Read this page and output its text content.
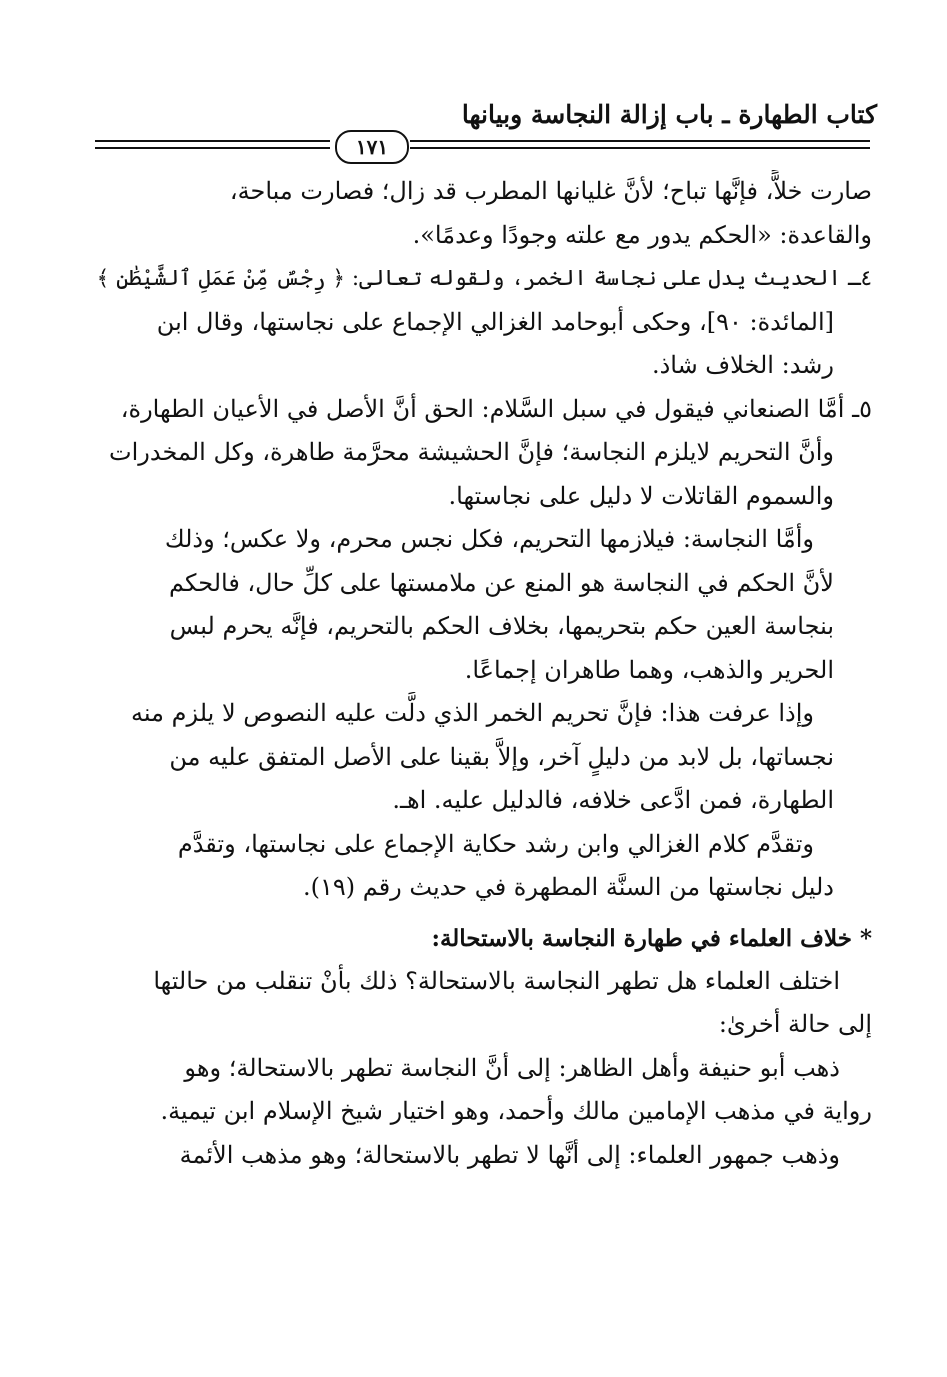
كتاب الطهارة ـ باب إزالة النجاسة وبيانها
١٧١
صارت خلاًّ، فإنَّها تباح؛ لأنَّ غليانها المطرب قد زال؛ فصارت مباحة،
والقاعدة: «الحكم يدور مع علته وجودًا وعدمًا».
٤ـ الحديث يدل على نجاسة الخمر، ولقوله تعالى: ﴿ رِجْسٌ مِّنْ عَمَلِ ٱلشَّيْطَٰنِ ﴾
[المائدة: ٩٠]، وحكى أبوحامد الغزالي الإجماع على نجاستها، وقال ابن
رشد: الخلاف شاذ.
٥ـ أمَّا الصنعاني فيقول في سبل السَّلام: الحق أنَّ الأصل في الأعيان الطهارة،
وأنَّ التحريم لايلزم النجاسة؛ فإنَّ الحشيشة محرَّمة طاهرة، وكل المخدرات
والسموم القاتلات لا دليل على نجاستها.
وأمَّا النجاسة: فيلازمها التحريم، فكل نجس محرم، ولا عكس؛ وذلك
لأنَّ الحكم في النجاسة هو المنع عن ملامستها على كلِّ حال، فالحكم
بنجاسة العين حكم بتحريمها، بخلاف الحكم بالتحريم، فإنَّه يحرم لبس
الحرير والذهب، وهما طاهران إجماعًا.
وإذا عرفت هذا: فإنَّ تحريم الخمر الذي دلَّت عليه النصوص لا يلزم منه
نجساتها، بل لابد من دليلٍ آخر، وإلاَّ بقينا على الأصل المتفق عليه من
الطهارة، فمن ادَّعى خلافه، فالدليل عليه. اهـ.
وتقدَّم كلام الغزالي وابن رشد حكاية الإجماع على نجاستها، وتقدَّم
دليل نجاستها من السنَّة المطهرة في حديث رقم (١٩).
* خلاف العلماء في طهارة النجاسة بالاستحالة:
اختلف العلماء هل تطهر النجاسة بالاستحالة؟ ذلك بأنْ تنقلب من حالتها
إلى حالة أخرىٰ:
ذهب أبو حنيفة وأهل الظاهر: إلى أنَّ النجاسة تطهر بالاستحالة؛ وهو
رواية في مذهب الإمامين مالك وأحمد، وهو اختيار شيخ الإسلام ابن تيمية.
وذهب جمهور العلماء: إلى أنَّها لا تطهر بالاستحالة؛ وهو مذهب الأئمة
